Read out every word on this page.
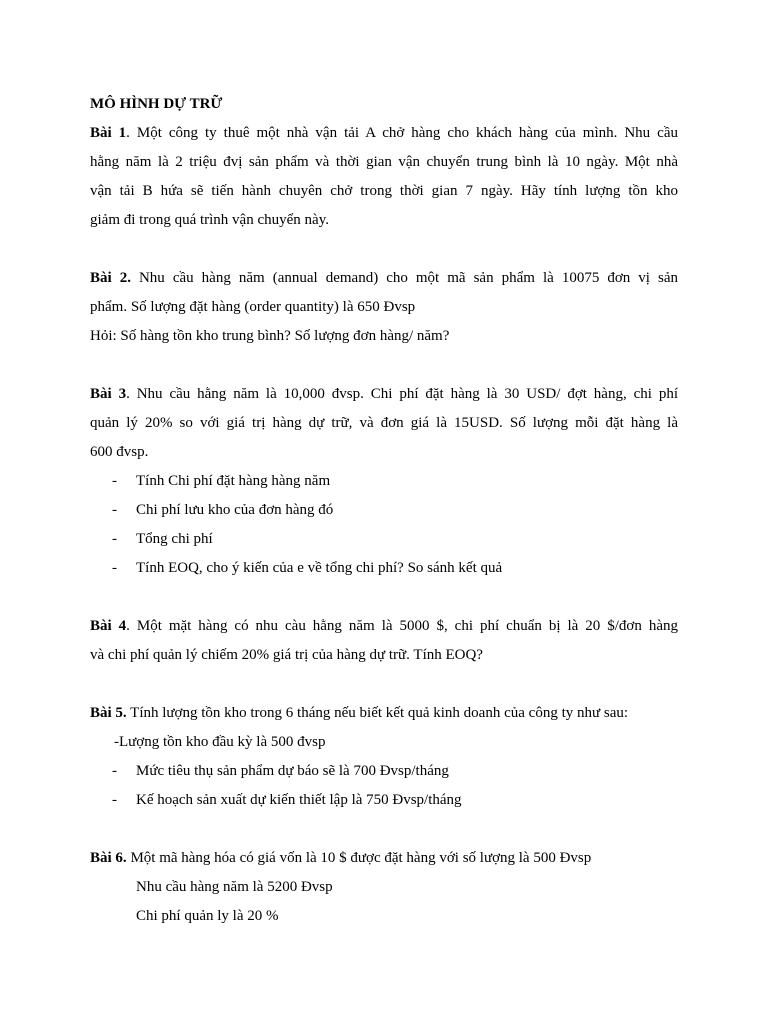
MÔ HÌNH DỰ TRỮ
Bài 1. Một công ty thuê một nhà vận tải A chở hàng cho khách hàng của mình. Nhu cầu
hằng năm là 2 triệu đvị sản phẩm và thời gian vận chuyển trung bình là 10 ngày. Một nhà
vận tải B hứa sẽ tiến hành chuyên chở trong thời gian 7 ngày. Hãy tính lượng tồn kho
giảm đi trong quá trình vận chuyển này.
Bài 2. Nhu cầu hàng năm (annual demand) cho một mã sản phẩm là 10075 đơn vị sản
phẩm. Số lượng đặt hàng (order quantity) là 650 Đvsp
Hỏi: Số hàng tồn kho trung bình? Số lượng đơn hàng/ năm?
Bài 3. Nhu cầu hằng năm là 10,000 đvsp. Chi phí đặt hàng là 30 USD/ đợt hàng, chi phí
quản lý 20% so với giá trị hàng dự trữ, và đơn giá là 15USD. Số lượng mỗi đặt hàng là
600 đvsp.
-	Tính Chi phí đặt hàng hàng năm
-	Chi phí lưu kho của đơn hàng đó
-	Tổng chi phí
-	Tính EOQ, cho ý kiến của e về tổng chi phí? So sánh kết quả
Bài 4. Một mặt hàng có nhu càu hằng năm là 5000 $, chi phí chuẩn bị là 20 $/đơn hàng
và chi phí quản lý chiếm 20% giá trị của hàng dự trữ. Tính EOQ?
Bài 5. Tính lượng tồn kho trong 6 tháng nếu biết kết quả kinh doanh của công ty như sau:
-Lượng tồn kho đầu kỳ là 500 đvsp
-	Mức tiêu thụ sản phẩm dự báo sẽ là 700 Đvsp/tháng
-	Kế hoạch sản xuất dự kiến thiết lập là 750 Đvsp/tháng
Bài 6. Một mã hàng hóa có giá vốn là 10 $ được đặt hàng với số lượng là 500 Đvsp
Nhu cầu hàng năm là 5200 Đvsp
Chi phí quản ly là 20 %
